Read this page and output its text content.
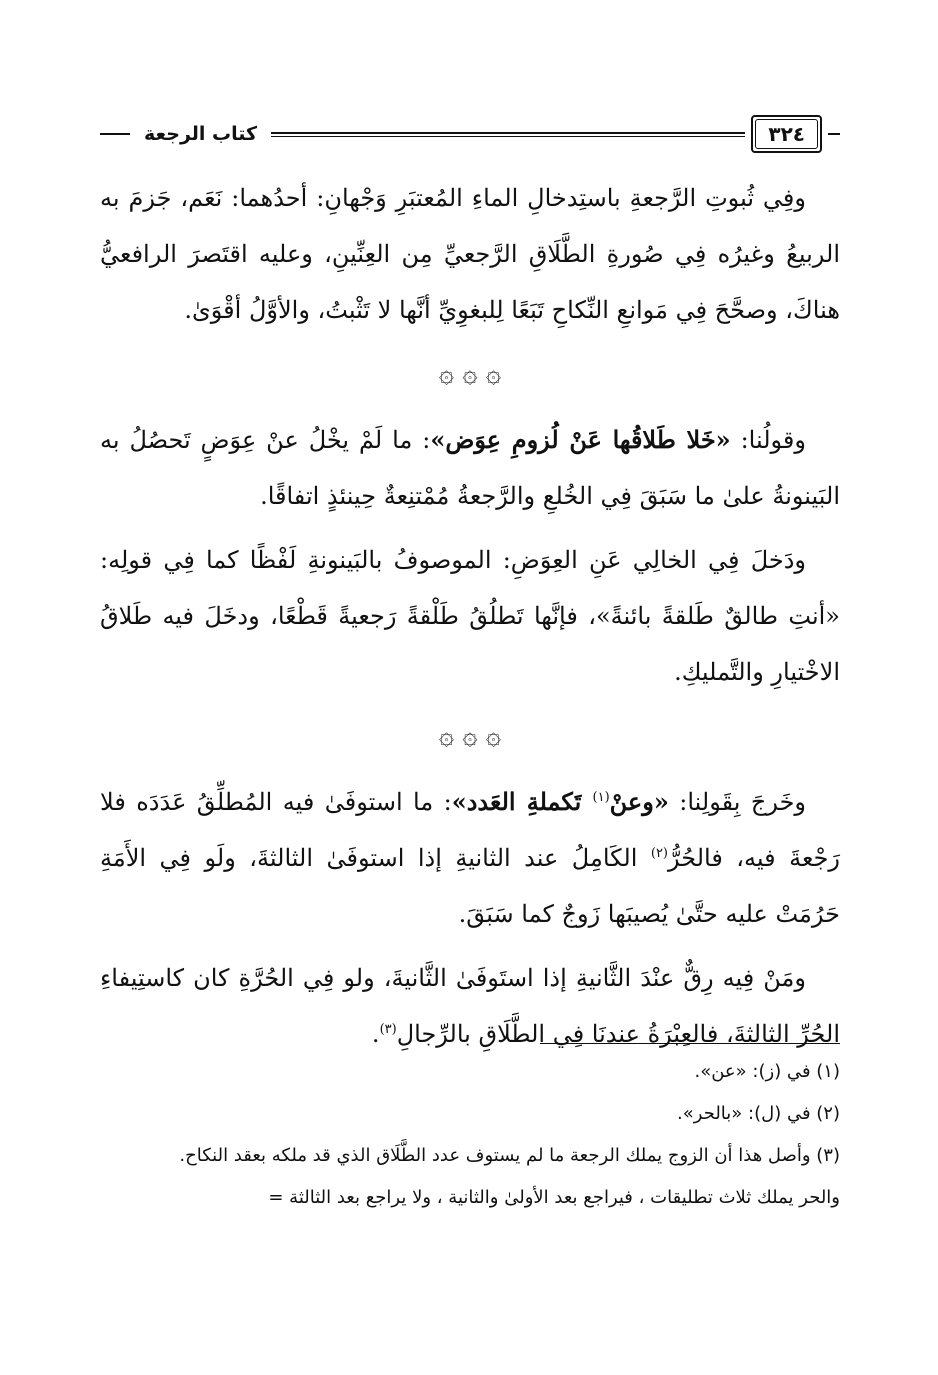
كتاب الرجعة	٣٢٤

وفِي ثُبوتِ الرَّجعةِ باستِدخالِ الماءِ المُعتبَرِ وَجْهانِ: أحدُهما: نَعَم، جَزمَ به الربيعُ وغيرُه فِي صُورةِ الطَّلَاقِ الرَّجعيِّ مِن العِنِّينِ، وعليه اقتَصرَ الرافعيُّ هناكَ، وصحَّحَ فِي مَوانعِ النِّكاحِ تَبَعًا لِلبغوِيِّ أنَّها لا تَثْبتُ، والأوَّلُ أقْوَىٰ.

۞ ۞ ۞

وقولُنا: «خَلا طَلاقُها عَنْ لُزومِ عِوَض»: ما لَمْ يخْلُ عنْ عِوَضٍ تَحصُلُ به البَينونةُ علىٰ ما سَبَقَ فِي الخُلعِ والرَّجعةُ مُمْتنِعةٌ حِينئذٍ اتفاقًا.

ودَخلَ فِي الخالِي عَنِ العِوَضِ: الموصوفُ بالبَينونةِ لَفْظًا كما فِي قولِه: «أنتِ طالقٌ طَلقةً بائنةً»، فإنَّها تَطلُقُ طَلْقةً رَجعيةً قَطْعًا، ودخَلَ فيه طَلاقُ الاخْتيارِ والتَّمليكِ.

۞ ۞ ۞

وخَرجَ بِقَولِنا: «وعنْ$^{(١)}$ تَكملةِ العَدد»: ما استوفَىٰ فيه المُطلِّقُ عَدَدَه فلا رَجْعةَ فيه، فالحُرُّ$^{(٢)}$ الكَامِلُ عند الثانيةِ إذا استوفَىٰ الثالثةَ، ولَو فِي الأَمَةِ حَرُمَتْ عليه حتَّىٰ يُصيبَها زَوجٌ كما سَبَقَ.

ومَنْ فِيه رِقٌّ عنْدَ الثَّانيةِ إذا استَوفَىٰ الثَّانيةَ، ولو فِي الحُرَّةِ كان كاستِيفاءِ الحُرِّ الثالثةَ، فالعِبْرَةُ عندنَا فِي الطَّلَاقِ بالرِّجالِ$^{(٣)}$.

(١) في (ز): «عن».
(٢) في (ل): «بالحر».
(٣) وأصل هذا أن الزوج يملك الرجعة ما لم يستوف عدد الطَّلَاق الذي قد ملكه بعقد النكاح.
والحر يملك ثلاث تطليقات ، فيراجع بعد الأولىٰ والثانية ، ولا يراجع بعد الثالثة =
